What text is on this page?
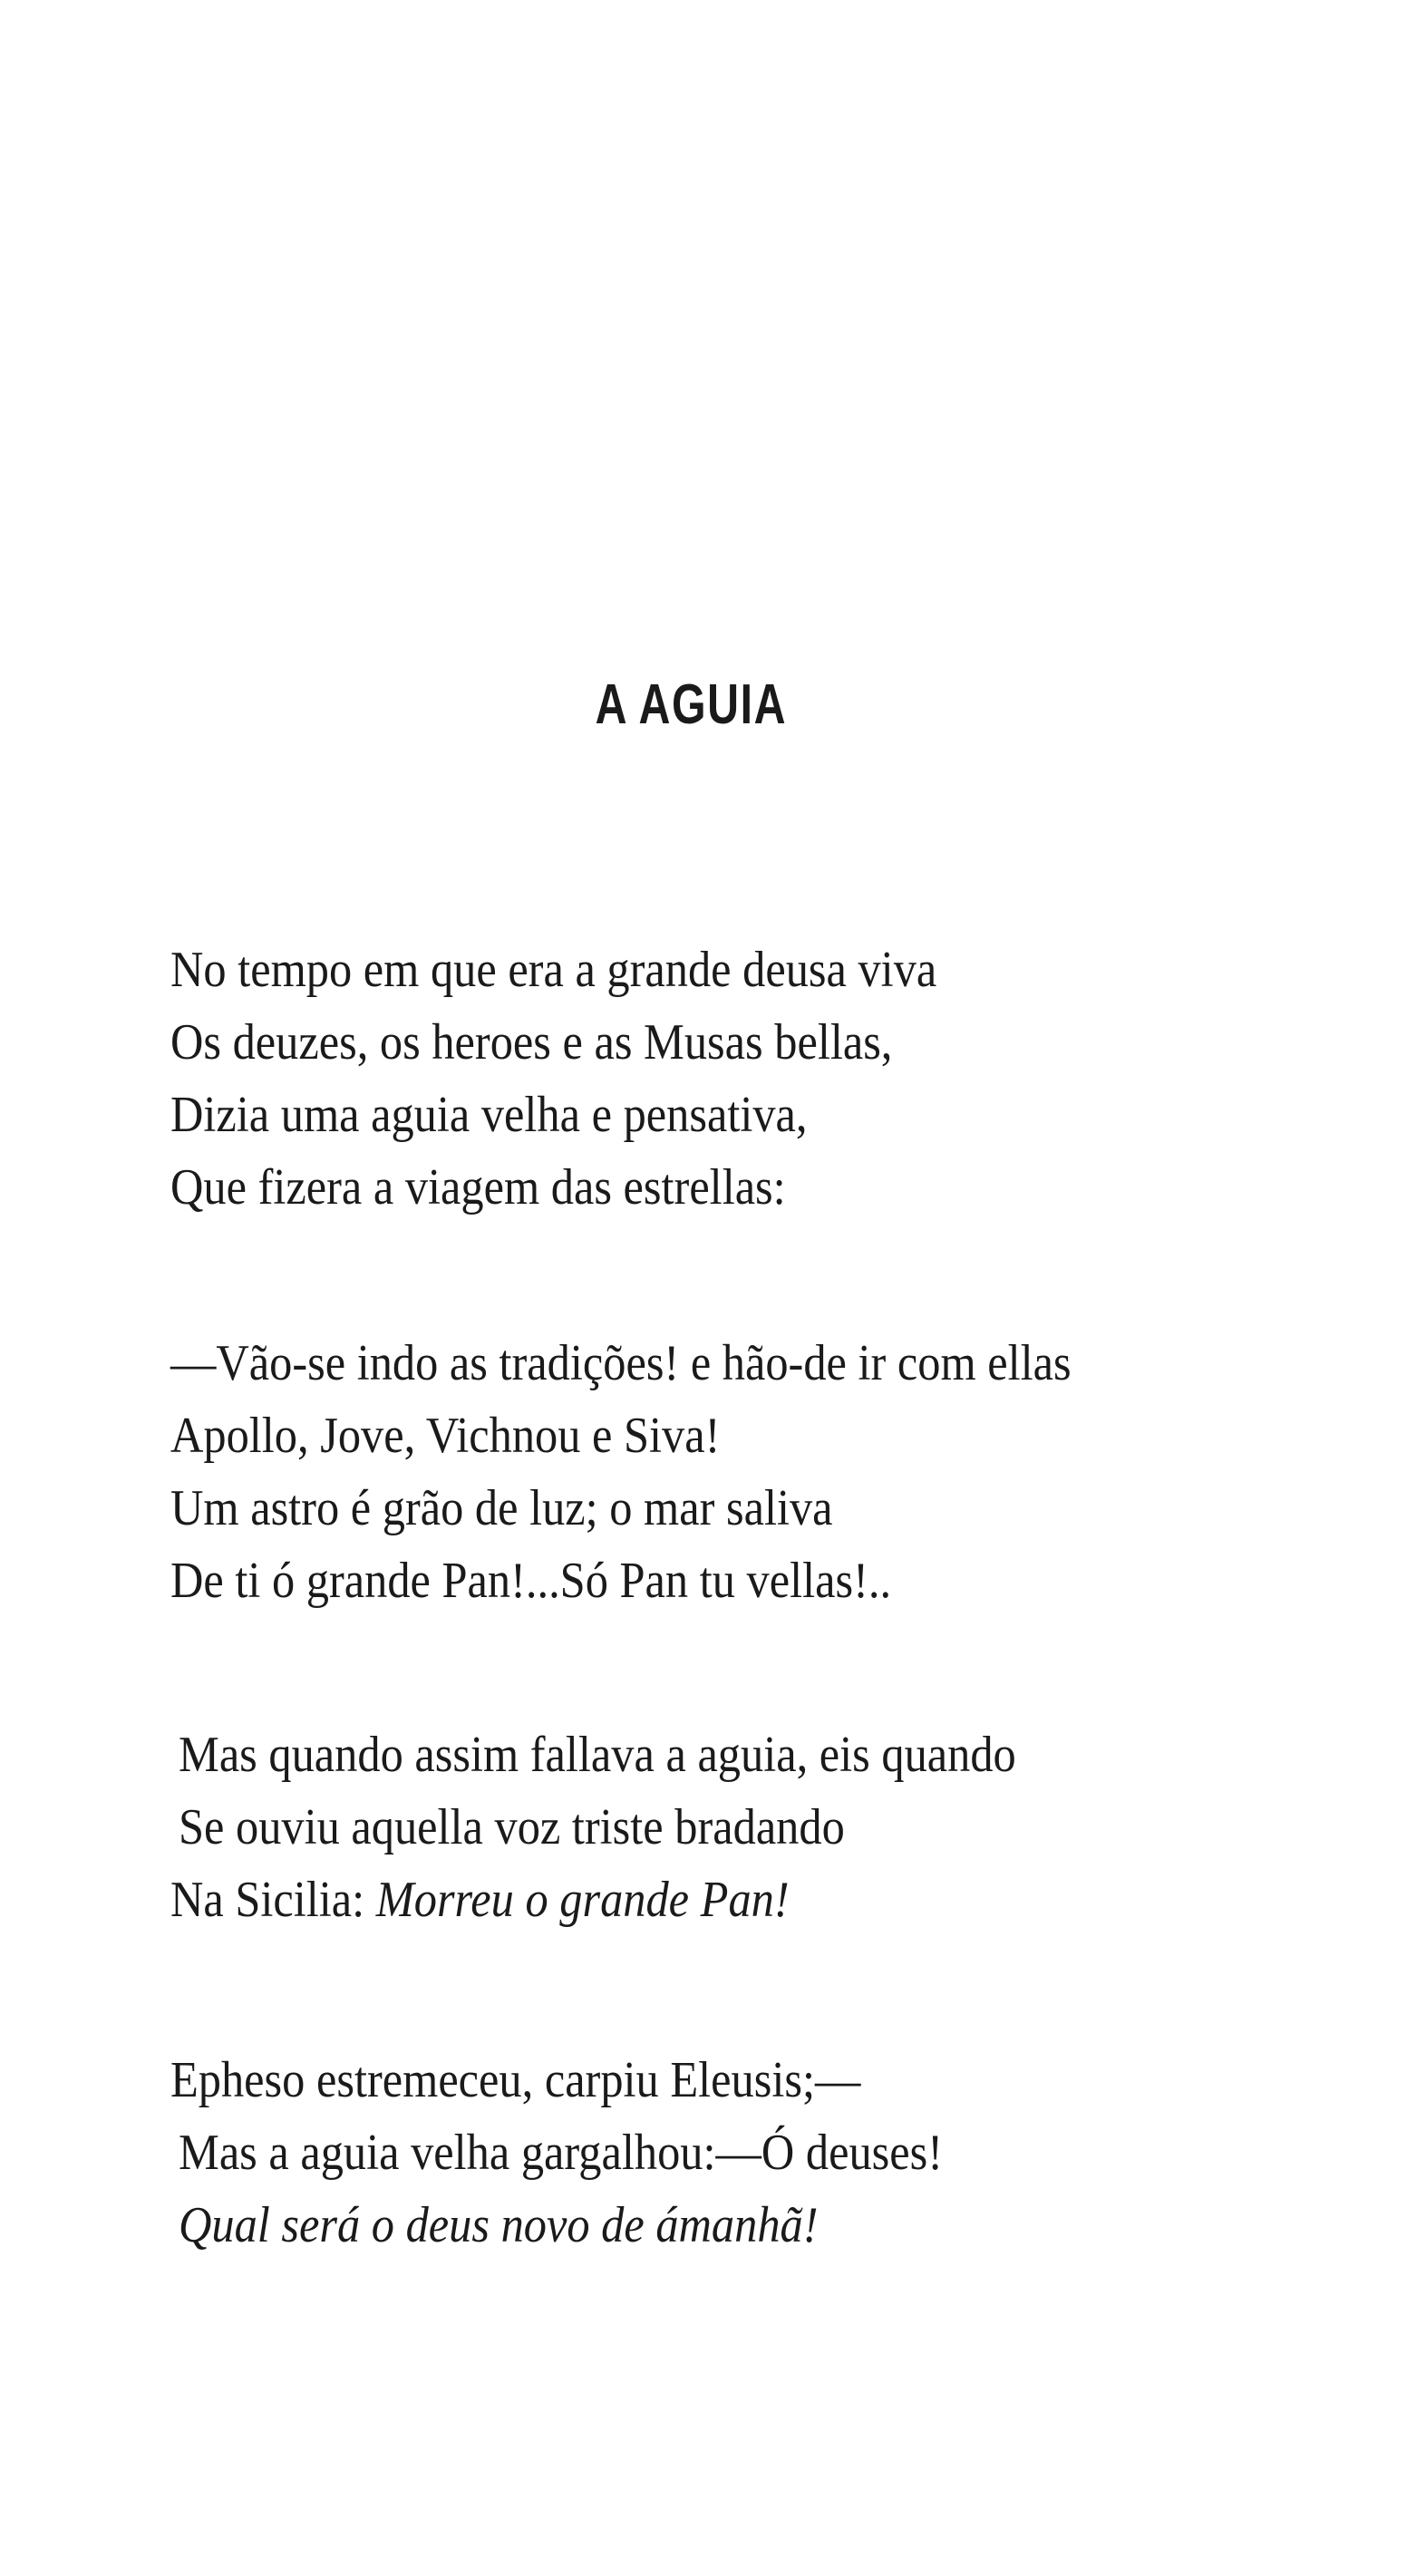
A AGUIA
No tempo em que era a grande deusa viva
Os deuzes, os heroes e as Musas bellas,
Dizia uma aguia velha e pensativa,
Que fizera a viagem das estrellas:
—Vão-se indo as tradições! e hão-de ir com ellas
Apollo, Jove, Vichnou e Siva!
Um astro é grão de luz; o mar saliva
De ti ó grande Pan!...Só Pan tu vellas!..
Mas quando assim fallava a aguia, eis quando
Se ouviu aquella voz triste bradando
Na Sicilia: Morreu o grande Pan!
Epheso estremeceu, carpiu Eleusis;—
Mas a aguia velha gargalhou:—Ó deuses!
Qual será o deus novo de ámanhã!
